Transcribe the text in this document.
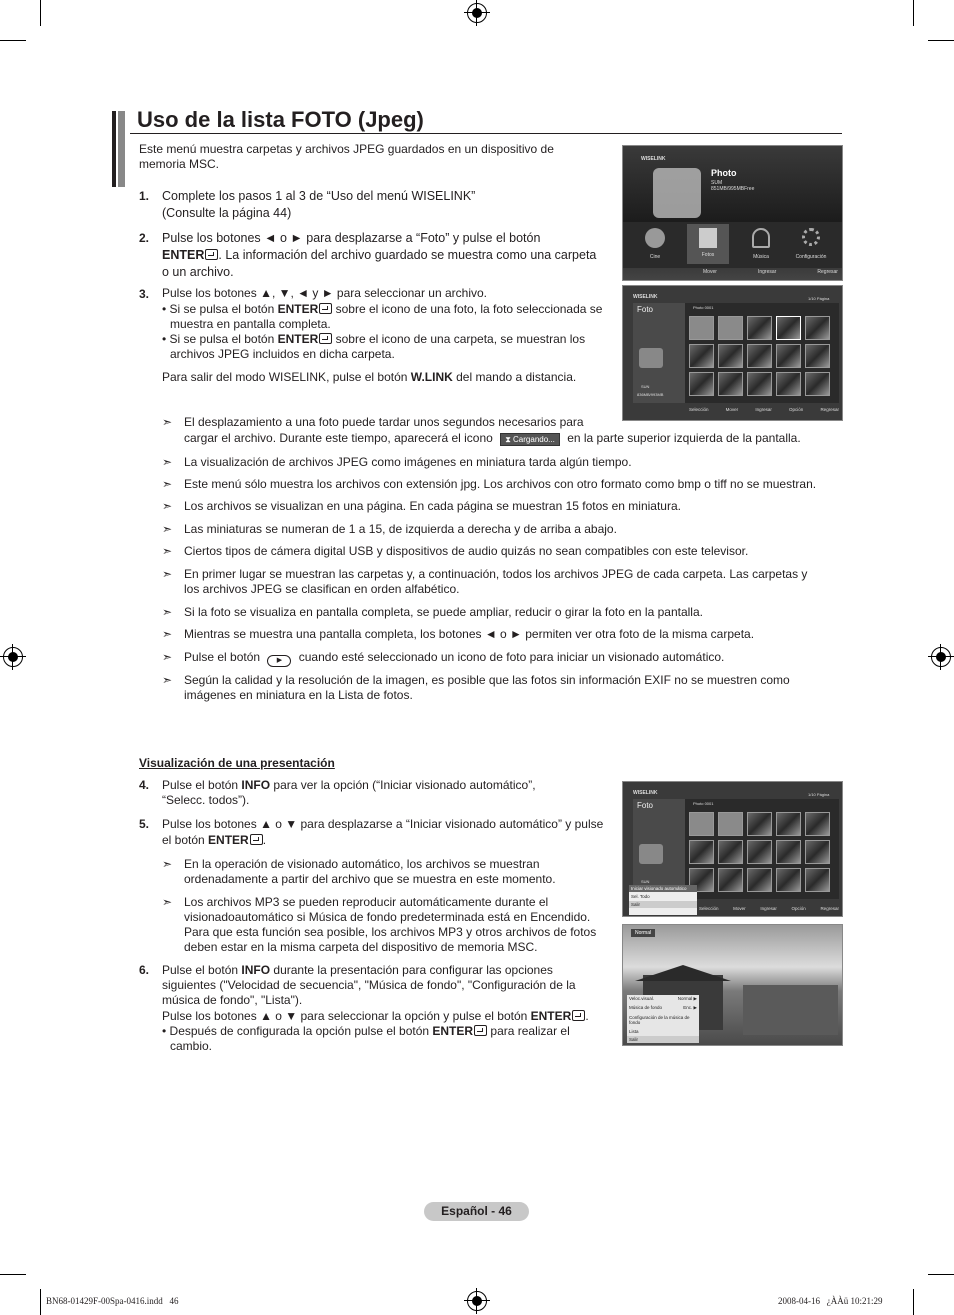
Uso de la lista FOTO (Jpeg)
Este menú muestra carpetas y archivos JPEG guardados en un dispositivo de
memoria MSC.
1. Complete los pasos 1 al 3 de “Uso del menú WISELINK”
(Consulte la página 44)
2. Pulse los botones ◄ o ► para desplazarse a “Foto” y pulse el botón
ENTER . La información del archivo guardado se muestra como una carpeta
o un archivo.
3. Pulse los botones ▲, ▼, ◄ y ► para seleccionar un archivo.
• Si se pulsa el botón ENTER sobre el icono de una foto, la foto seleccionada se
muestra en pantalla completa.
• Si se pulsa el botón ENTER sobre el icono de una carpeta, se muestran los
archivos JPEG incluidos en dicha carpeta.
Para salir del modo WISELINK, pulse el botón W.LINK del mando a distancia.
WISELINK
Photo
SUM
851MB/995MBFree
Cine	Fotos	Música	Configuración
Mover	Ingresar	Regresar
WISELINK	1/10 Página
Foto
SUN
836MB/993MB
Photo 0001
Selección	Mover	Ingresar	Opción	Regresar
➣ El desplazamiento a una foto puede tardar unos segundos necesarios para
cargar el archivo. Durante este tiempo, aparecerá el icono ⧗ Cargando... en la parte superior izquierda de la pantalla.
➣ La visualización de archivos JPEG como imágenes en miniatura tarda algún tiempo.
➣ Este menú sólo muestra los archivos con extensión jpg. Los archivos con otro formato como bmp o tiff no se muestran.
➣ Los archivos se visualizan en una página. En cada página se muestran 15 fotos en miniatura.
➣ Las miniaturas se numeran de 1 a 15, de izquierda a derecha y de arriba a abajo.
➣ Ciertos tipos de cámera digital USB y dispositivos de audio quizás no sean compatibles con este televisor.
➣ En primer lugar se muestran las carpetas y, a continuación, todos los archivos JPEG de cada carpeta. Las carpetas y
los archivos JPEG se clasifican en orden alfabético.
➣ Si la foto se visualiza en pantalla completa, se puede ampliar, reducir o girar la foto en la pantalla.
➣ Mientras se muestra una pantalla completa, los botones ◄ o ► permiten ver otra foto de la misma carpeta.
➣ Pulse el botón ▶ cuando esté seleccionado un icono de foto para iniciar un visionado automático.
➣ Según la calidad y la resolución de la imagen, es posible que las fotos sin información EXIF no se muestren como
imágenes en miniatura en la Lista de fotos.
Visualización de una presentación
4. Pulse el botón INFO para ver la opción (“Iniciar visionado automático”,
“Selecc. todos”).
5. Pulse los botones ▲ o ▼ para desplazarse a “Iniciar visionado automático” y pulse
el botón ENTER .
➣ En la operación de visionado automático, los archivos se muestran
ordenadamente a partir del archivo que se muestra en este momento.
➣ Los archivos MP3 se pueden reproducir automáticamente durante el
visionadoautomático si Música de fondo predeterminada está en Encendido.
Para que esta función sea posible, los archivos MP3 y otros archivos de fotos
deben estar en la misma carpeta del dispositivo de memoria MSC.
6. Pulse el botón INFO durante la presentación para configurar las opciones
siguientes ("Velocidad de secuencia", "Música de fondo", "Configuración de la
música de fondo", "Lista").
Pulse los botones ▲ o ▼ para seleccionar la opción y pulse el botón ENTER .
• Después de configurada la opción pulse el botón ENTER para realizar el
cambio.
WISELINK	1/10 Página
Foto
SUN
Photo 0001
Iniciar visionado automático
Sel. Todo
Salir
Selección	Mover	Ingresar	Opción	Regresar
Normal
Veloc.visual.	Normal ▶
Música de fondo	Enc. ▶
Configuración de la música de fondo
Lista
Salir
Español - 46
BN68-01429F-00Spa-0416.indd   46	2008-04-16   ¿ÀÀü 10:21:29
